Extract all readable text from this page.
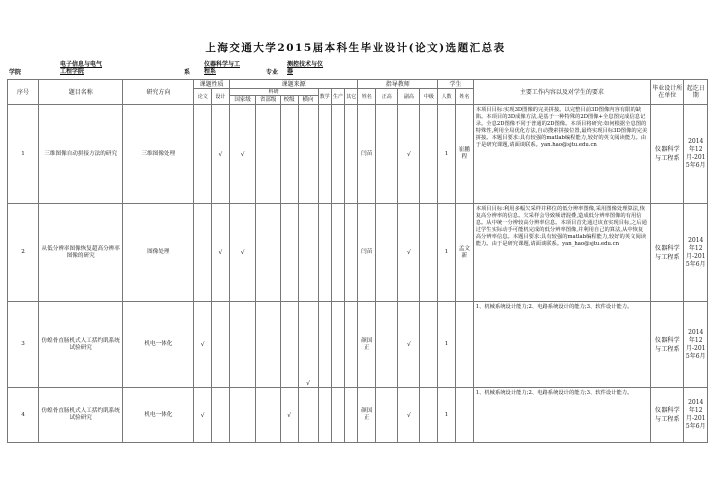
上海交通大学2015届本科生毕业设计(论文)选题汇总表
学院
电子信息与电气
工程学院	系
仪器科学与工
程系	专业
测控技术与仪
器
序号	题目名称	研究方向	课题性质		课题来源							指导教师				学生		主要工作内容以及对学生的要求	毕业设计所在单位	起讫日期
			论文	设计	科研				教学	生产	其它	姓名	正高	副高	中级	人数	姓名			
					国家级	省部级	校级	横向												
1	三维图像自动拼接方法的研究	三维图像处理		√	√							闫苗		√		1	崔鹏程	本项目目标:实现3D图像的完美拼接。以完整目前3D图像内容有限的缺陷。本项目的3D成像方法,是基于一种特殊的2D图像+全息图完成信息记录。全息2D图像不同于普通的2D图像。本项目将研究:如何根据全息图的特殊性,利用全局优化方法,自动搜索拼接位置,最终实现目标3D图像的完美拼接。本题目要求:具有较强的matlab编程能力,较好的英文阅读能力。由于是研究课题,请面谈联系。yan.hao@sjtu.edu.cn	仪器科学与工程系	2014年12月-2015年6月
2	从低分辨率图像恢复超高分辨率图像的研究	图像处理		√	√							闫苗		√		1	孟文新	本项目目标:利用多幅欠采样并移位的低分辨率图像,采用图像处理算法,恢复高分辨率的信息。欠采样会导致频谱混叠,造成低分辨率图像的有用信息。从中统一分辨较高分辨率信息。本项目首先通过该直实现目标,之后通过学生实际动手可能机完成的低分辨率图像,并利用自己的算法,从中恢复高分辨率信息。本题目要求:具有较强的matlab编程能力,较好的英文阅读能力。由于是研究课题,请面谈联系。yan_hao@sjtu.edu.cn	仪器科学与工程系	2014年12月-2015年6月
3	仿蝗骨直肠机式人工括约肌系统试验研究	机电一体化	√					√				颜国正		√		1		1、机械系统设计能力;2、电路系统设计的能力;3、软件设计能力。	仪器科学与工程系	2014年12月-2015年6月
4	仿蝗骨直肠机式人工括约肌系统试验研究	机电一体化	√				√					颜国正		√		1		1、机械系统设计能力;2、电路系统设计的能力;3、软件设计能力。	仪器科学与工程系	2014年12月-2015年6月
